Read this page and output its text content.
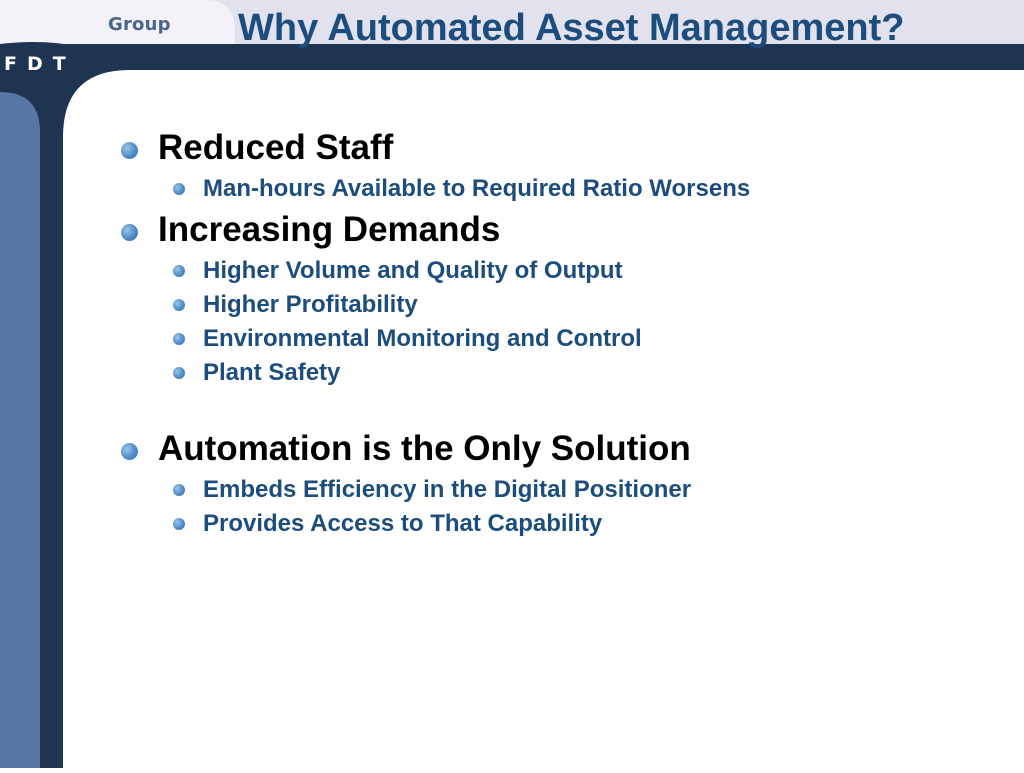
Group
FDT
Why Automated Asset Management?
Reduced Staff
Man-hours Available to Required Ratio Worsens
Increasing Demands
Higher Volume and Quality of Output
Higher Profitability
Environmental Monitoring and Control
Plant Safety
Automation is the Only Solution
Embeds Efficiency in the Digital Positioner
Provides Access to That Capability
